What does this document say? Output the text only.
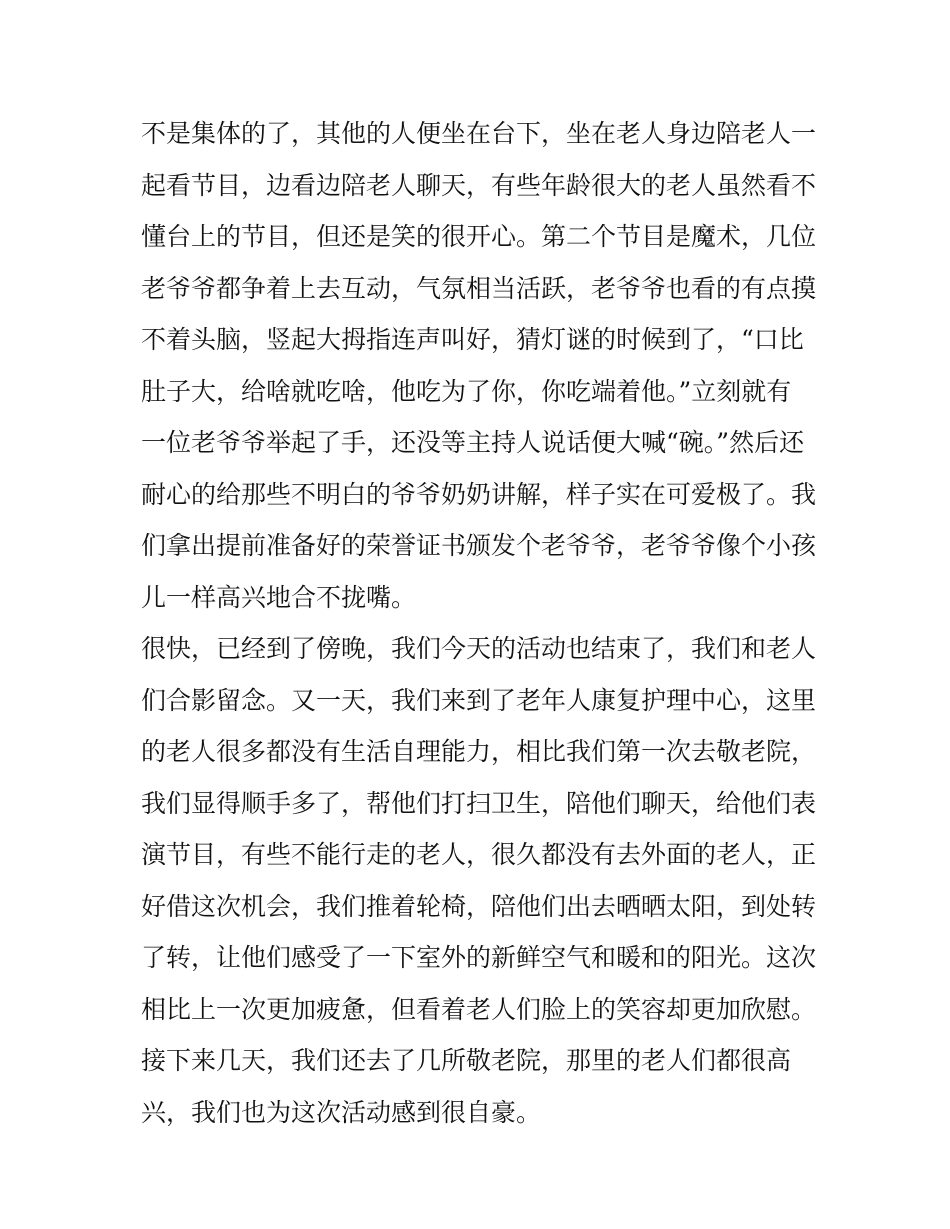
不是集体的了，其他的人便坐在台下，坐在老人身边陪老人一
起看节目，边看边陪老人聊天，有些年龄很大的老人虽然看不
懂台上的节目，但还是笑的很开心。第二个节目是魔术，几位
老爷爷都争着上去互动，气氛相当活跃，老爷爷也看的有点摸
不着头脑，竖起大拇指连声叫好，猜灯谜的时候到了，“口比
肚子大，给啥就吃啥，他吃为了你，你吃端着他。”立刻就有
一位老爷爷举起了手，还没等主持人说话便大喊“碗。”然后还
耐心的给那些不明白的爷爷奶奶讲解，样子实在可爱极了。我
们拿出提前准备好的荣誉证书颁发个老爷爷，老爷爷像个小孩
儿一样高兴地合不拢嘴。
很快，已经到了傍晚，我们今天的活动也结束了，我们和老人
们合影留念。又一天，我们来到了老年人康复护理中心，这里
的老人很多都没有生活自理能力，相比我们第一次去敬老院，
我们显得顺手多了，帮他们打扫卫生，陪他们聊天，给他们表
演节目，有些不能行走的老人，很久都没有去外面的老人，正
好借这次机会，我们推着轮椅，陪他们出去晒晒太阳，到处转
了转，让他们感受了一下室外的新鲜空气和暖和的阳光。这次
相比上一次更加疲惫，但看着老人们脸上的笑容却更加欣慰。
接下来几天，我们还去了几所敬老院，那里的老人们都很高
兴，我们也为这次活动感到很自豪。
